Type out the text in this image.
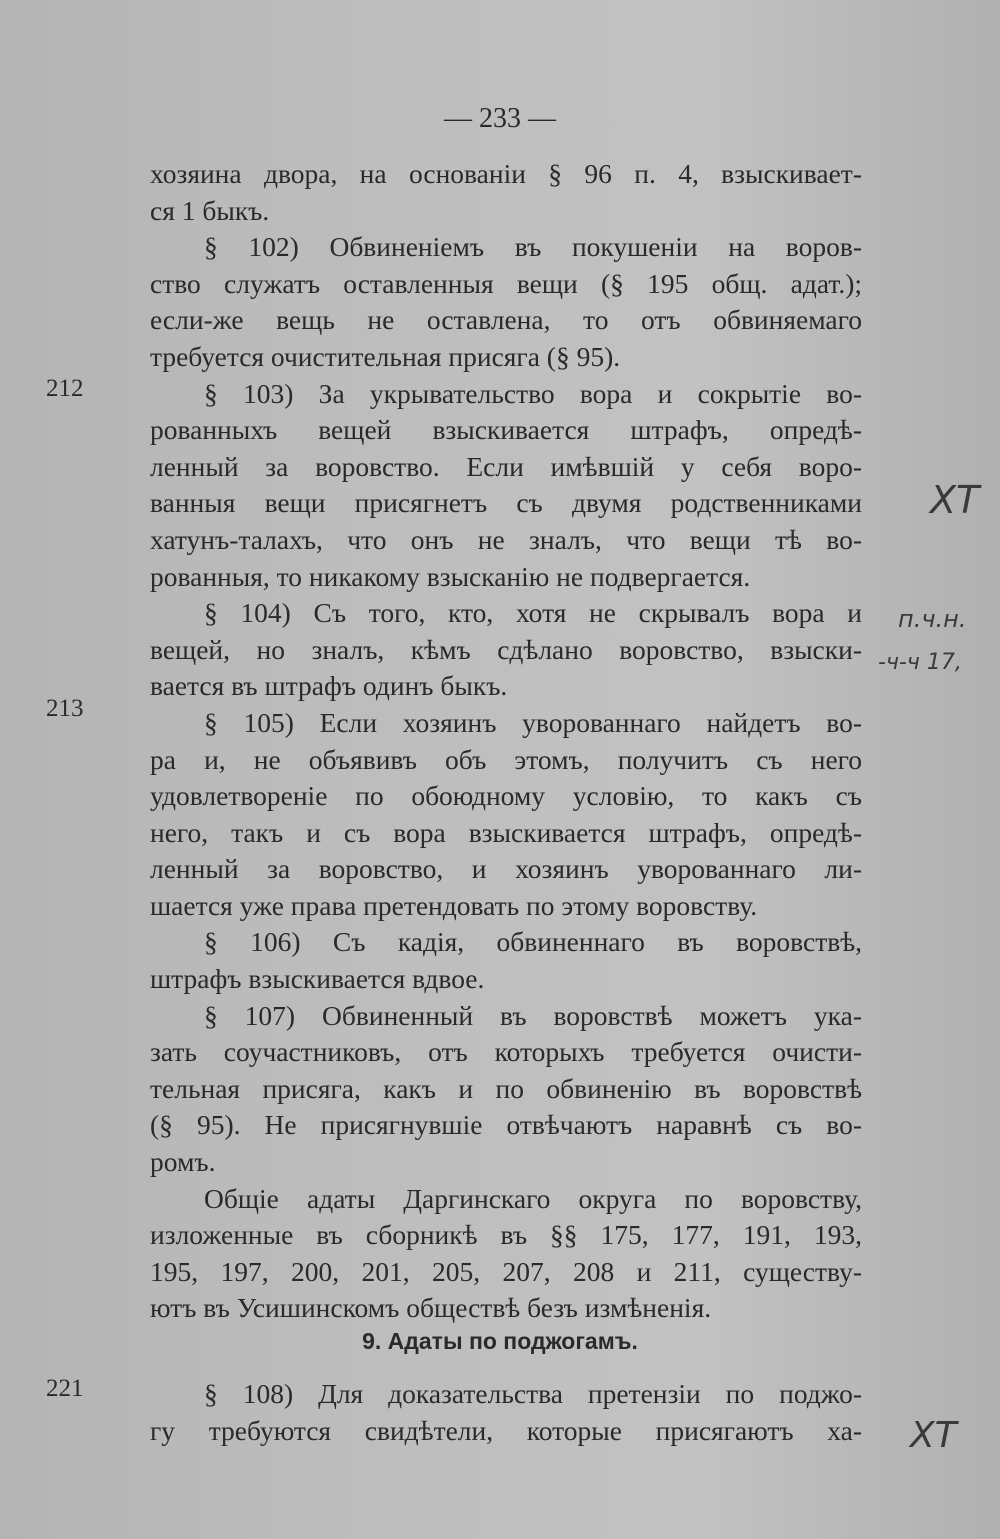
— 233 —
хозяина двора, на основаніи § 96 п. 4, взыскивает-
ся 1 быкъ.
§ 102) Обвиненіемъ въ покушеніи на воров-
ство служатъ оставленныя вещи (§ 195 общ. адат.);
если-же вещь не оставлена, то отъ обвиняемаго
требуется очистительная присяга (§ 95).
§ 103) За укрывательство вора и сокрытіе во-
рованныхъ вещей взыскивается штрафъ, опредѣ-
ленный за воровство. Если имѣвшій у себя воро-
ванныя вещи присягнетъ съ двумя родственниками
хатунъ-талахъ, что онъ не зналъ, что вещи тѣ во-
рованныя, то никакому взысканію не подвергается.
§ 104) Съ того, кто, хотя не скрывалъ вора и
вещей, но зналъ, кѣмъ сдѣлано воровство, взыски-
вается въ штрафъ одинъ быкъ.
§ 105) Если хозяинъ уворованнаго найдетъ во-
ра и, не объявивъ объ этомъ, получитъ съ него
удовлетвореніе по обоюдному условію, то какъ съ
него, такъ и съ вора взыскивается штрафъ, опредѣ-
ленный за воровство, и хозяинъ уворованнаго ли-
шается уже права претендовать по этому воровству.
§ 106) Съ кадія, обвиненнаго въ воровствѣ,
штрафъ взыскивается вдвое.
§ 107) Обвиненный въ воровствѣ можетъ ука-
зать соучастниковъ, отъ которыхъ требуется очисти-
тельная присяга, какъ и по обвиненію въ воровствѣ
(§ 95). Не присягнувшіе отвѣчаютъ наравнѣ съ во-
ромъ.
Общіе адаты Даргинскаго округа по воровству,
изложенные въ сборникѣ въ §§ 175, 177, 191, 193,
195, 197, 200, 201, 205, 207, 208 и 211, существу-
ютъ въ Усишинскомъ обществѣ безъ измѣненія.
9. Адаты по поджогамъ.
§ 108) Для доказательства претензіи по поджо-
гу требуются свидѣтели, которые присягаютъ ха-
212
213
221
ХТ
п.ч.н.
-ч-ч 17,
ХТ
